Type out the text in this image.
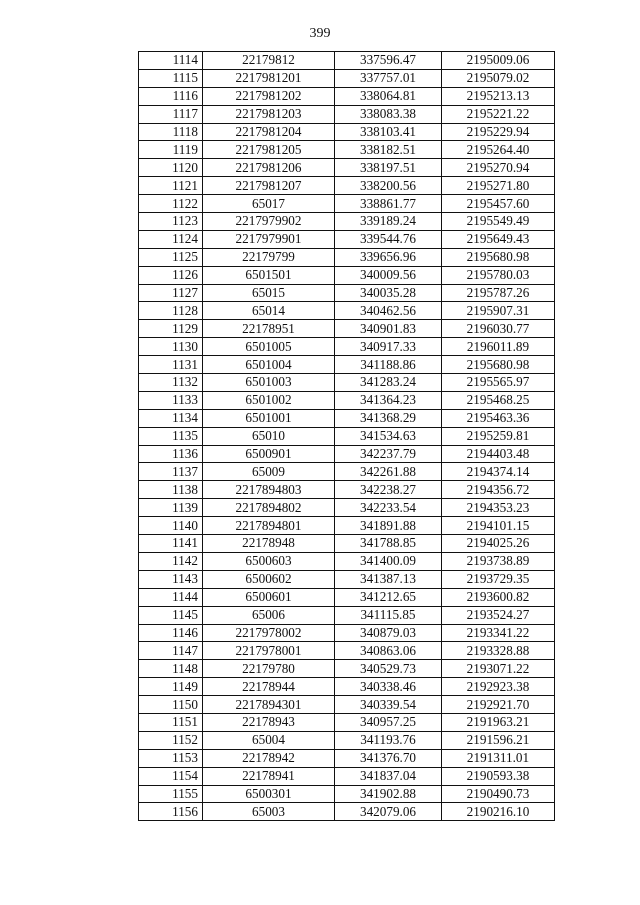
399
1114	22179812	337596.47	2195009.06
1115	2217981201	337757.01	2195079.02
1116	2217981202	338064.81	2195213.13
1117	2217981203	338083.38	2195221.22
1118	2217981204	338103.41	2195229.94
1119	2217981205	338182.51	2195264.40
1120	2217981206	338197.51	2195270.94
1121	2217981207	338200.56	2195271.80
1122	65017	338861.77	2195457.60
1123	2217979902	339189.24	2195549.49
1124	2217979901	339544.76	2195649.43
1125	22179799	339656.96	2195680.98
1126	6501501	340009.56	2195780.03
1127	65015	340035.28	2195787.26
1128	65014	340462.56	2195907.31
1129	22178951	340901.83	2196030.77
1130	6501005	340917.33	2196011.89
1131	6501004	341188.86	2195680.98
1132	6501003	341283.24	2195565.97
1133	6501002	341364.23	2195468.25
1134	6501001	341368.29	2195463.36
1135	65010	341534.63	2195259.81
1136	6500901	342237.79	2194403.48
1137	65009	342261.88	2194374.14
1138	2217894803	342238.27	2194356.72
1139	2217894802	342233.54	2194353.23
1140	2217894801	341891.88	2194101.15
1141	22178948	341788.85	2194025.26
1142	6500603	341400.09	2193738.89
1143	6500602	341387.13	2193729.35
1144	6500601	341212.65	2193600.82
1145	65006	341115.85	2193524.27
1146	2217978002	340879.03	2193341.22
1147	2217978001	340863.06	2193328.88
1148	22179780	340529.73	2193071.22
1149	22178944	340338.46	2192923.38
1150	2217894301	340339.54	2192921.70
1151	22178943	340957.25	2191963.21
1152	65004	341193.76	2191596.21
1153	22178942	341376.70	2191311.01
1154	22178941	341837.04	2190593.38
1155	6500301	341902.88	2190490.73
1156	65003	342079.06	2190216.10
